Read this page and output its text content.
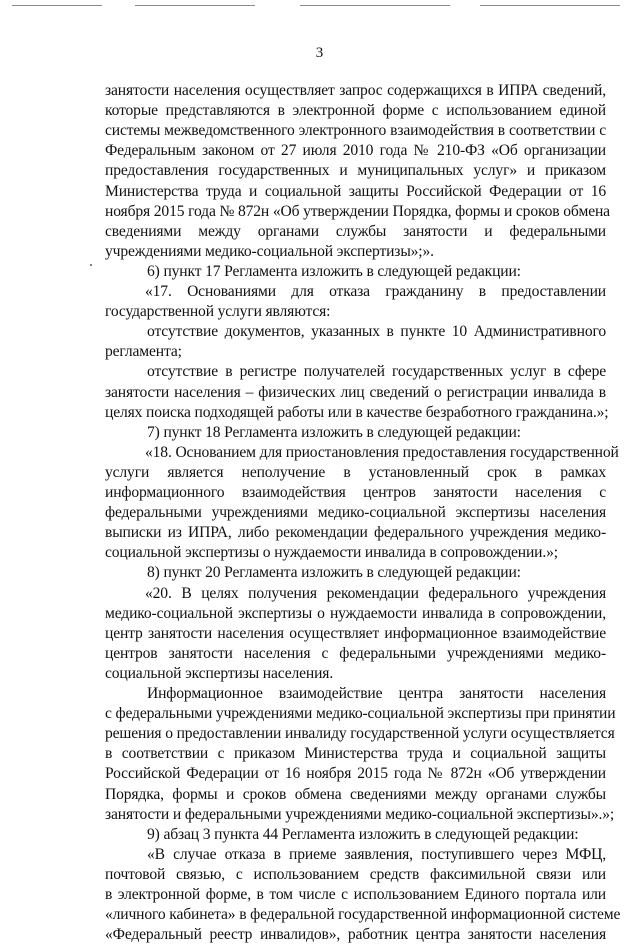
3
занятости населения осуществляет запрос содержащихся в ИПРА сведений,
которые представляются в электронной форме с использованием единой
системы межведомственного электронного взаимодействия в соответствии с
Федеральным законом от 27 июля 2010 года № 210-ФЗ «Об организации
предоставления государственных и муниципальных услуг» и приказом
Министерства труда и социальной защиты Российской Федерации от 16
ноября 2015 года № 872н «Об утверждении Порядка, формы и сроков обмена
сведениями между органами службы занятости и федеральными
учреждениями медико-социальной экспертизы»;».
6) пункт 17 Регламента изложить в следующей редакции:
«17. Основаниями для отказа гражданину в предоставлении
государственной услуги являются:
отсутствие документов, указанных в пункте 10 Административного
регламента;
отсутствие в регистре получателей государственных услуг в сфере
занятости населения – физических лиц сведений о регистрации инвалида в
целях поиска подходящей работы или в качестве безработного гражданина.»;
7) пункт 18 Регламента изложить в следующей редакции:
«18. Основанием для приостановления предоставления государственной
услуги является неполучение в установленный срок в рамках
информационного взаимодействия центров занятости населения с
федеральными учреждениями медико-социальной экспертизы населения
выписки из ИПРА, либо рекомендации федерального учреждения медико-
социальной экспертизы о нуждаемости инвалида в сопровождении.»;
8) пункт 20 Регламента изложить в следующей редакции:
«20. В целях получения рекомендации федерального учреждения
медико-социальной экспертизы о нуждаемости инвалида в сопровождении,
центр занятости населения осуществляет информационное взаимодействие
центров занятости населения с федеральными учреждениями медико-
социальной экспертизы населения.
Информационное взаимодействие центра занятости населения
с федеральными учреждениями медико-социальной экспертизы при принятии
решения о предоставлении инвалиду государственной услуги осуществляется
в соответствии с приказом Министерства труда и социальной защиты
Российской Федерации от 16 ноября 2015 года № 872н «Об утверждении
Порядка, формы и сроков обмена сведениями между органами службы
занятости и федеральными учреждениями медико-социальной экспертизы».»;
9) абзац 3 пункта 44 Регламента изложить в следующей редакции:
«В случае отказа в приеме заявления, поступившего через МФЦ,
почтовой связью, с использованием средств факсимильной связи или
в электронной форме, в том числе с использованием Единого портала или
«личного кабинета» в федеральной государственной информационной системе
«Федеральный реестр инвалидов», работник центра занятости населения
